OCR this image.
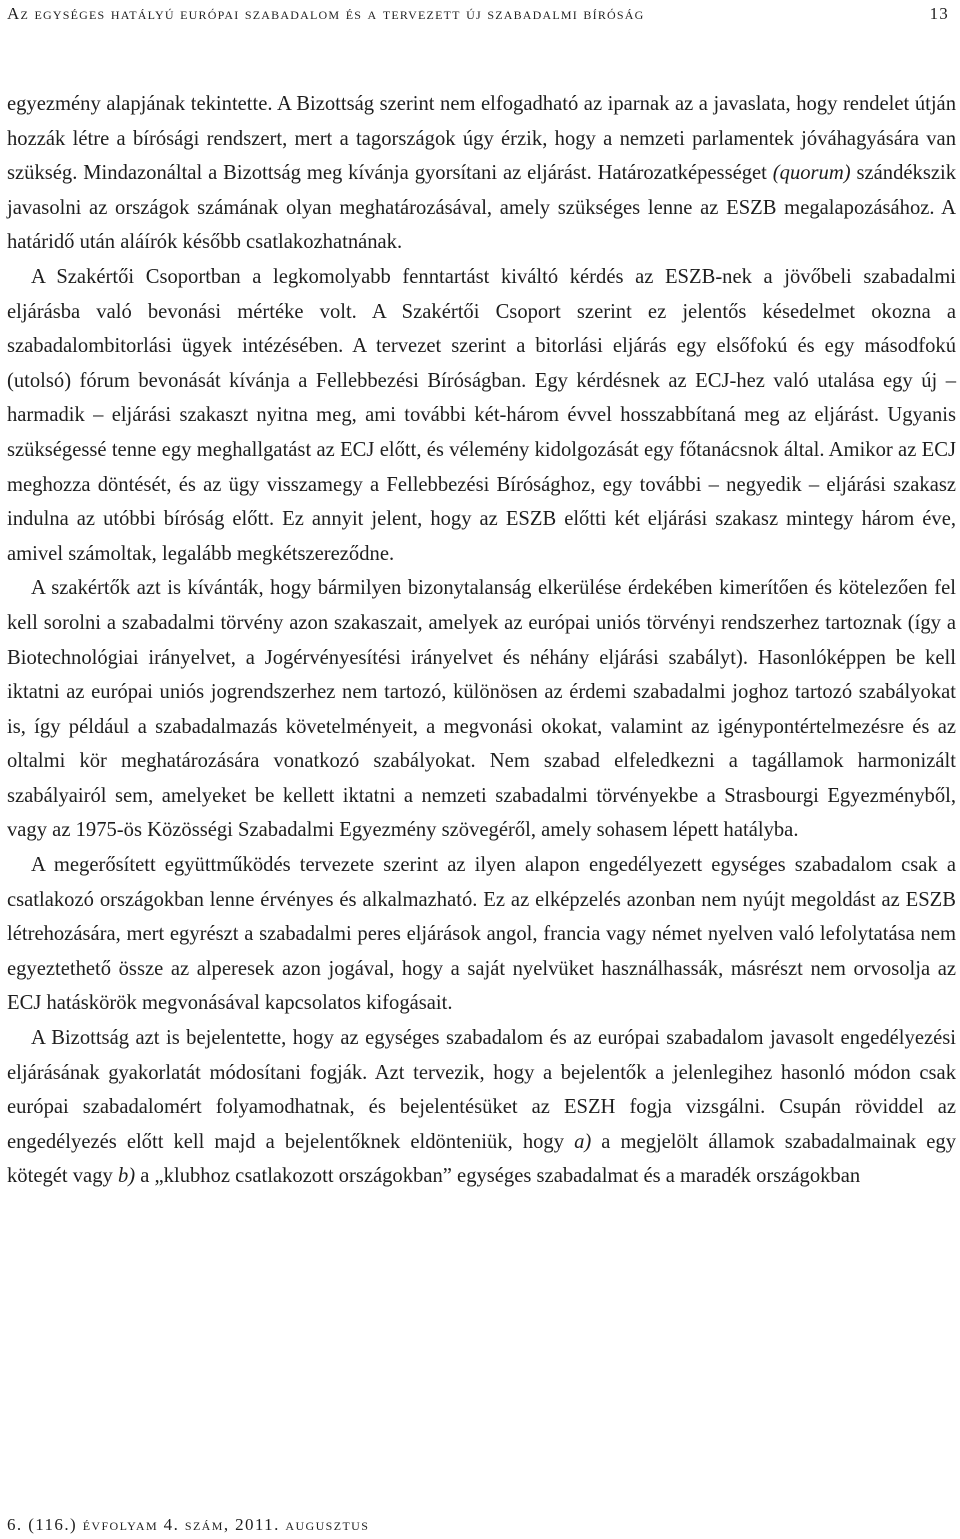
Az egységes hatályú európai szabadalom és a tervezett új szabadalmi bíróság	13

egyezmény alapjának tekintette. A Bizottság szerint nem elfogadható az iparnak az a javaslata, hogy rendelet útján hozzák létre a bírósági rendszert, mert a tagországok úgy érzik, hogy a nemzeti parlamentek jóváhagyására van szükség. Mindazonáltal a Bizottság meg kívánja gyorsítani az eljárást. Határozatképességet (quorum) szándékszik javasolni az országok számának olyan meghatározásával, amely szükséges lenne az ESZB megalapozásához. A határidő után aláírók később csatlakozhatnának.

A Szakértői Csoportban a legkomolyabb fenntartást kiváltó kérdés az ESZB-nek a jövőbeli szabadalmi eljárásba való bevonási mértéke volt. A Szakértői Csoport szerint ez jelentős késedelmet okozna a szabadalombitorlási ügyek intézésében. A tervezet szerint a bitorlási eljárás egy elsőfokú és egy másodfokú (utolsó) fórum bevonását kívánja a Fellebbezési Bíróságban. Egy kérdésnek az ECJ-hez való utalása egy új – harmadik – eljárási szakaszt nyitna meg, ami további két-három évvel hosszabbítaná meg az eljárást. Ugyanis szükségessé tenne egy meghallgatást az ECJ előtt, és vélemény kidolgozását egy főtanácsnok által. Amikor az ECJ meghozza döntését, és az ügy visszamegy a Fellebbezési Bírósághoz, egy további – negyedik – eljárási szakasz indulna az utóbbi bíróság előtt. Ez annyit jelent, hogy az ESZB előtti két eljárási szakasz mintegy három éve, amivel számoltak, legalább megkétszereződne.

A szakértők azt is kívánták, hogy bármilyen bizonytalanság elkerülése érdekében kimerítően és kötelezően fel kell sorolni a szabadalmi törvény azon szakaszait, amelyek az európai uniós törvényi rendszerhez tartoznak (így a Biotechnológiai irányelvet, a Jogérvényesítési irányelvet és néhány eljárási szabályt). Hasonlóképpen be kell iktatni az európai uniós jogrendszerhez nem tartozó, különösen az érdemi szabadalmi joghoz tartozó szabályokat is, így például a szabadalmazás követelményeit, a megvonási okokat, valamint az igénypontértelmezésre és az oltalmi kör meghatározására vonatkozó szabályokat. Nem szabad elfeledkezni a tagállamok harmonizált szabályairól sem, amelyeket be kellett iktatni a nemzeti szabadalmi törvényekbe a Strasbourgi Egyezményből, vagy az 1975-ös Közösségi Szabadalmi Egyezmény szövegéről, amely sohasem lépett hatályba.

A megerősített együttműködés tervezete szerint az ilyen alapon engedélyezett egységes szabadalom csak a csatlakozó országokban lenne érvényes és alkalmazható. Ez az elképzelés azonban nem nyújt megoldást az ESZB létrehozására, mert egyrészt a szabadalmi peres eljárások angol, francia vagy német nyelven való lefolytatása nem egyeztethető össze az alperesek azon jogával, hogy a saját nyelvüket használhassák, másrészt nem orvosolja az ECJ hatáskörök megvonásával kapcsolatos kifogásait.

A Bizottság azt is bejelentette, hogy az egységes szabadalom és az európai szabadalom javasolt engedélyezési eljárásának gyakorlatát módosítani fogják. Azt tervezik, hogy a bejelentők a jelenlegihez hasonló módon csak európai szabadalomért folyamodhatnak, és bejelentésüket az ESZH fogja vizsgálni. Csupán röviddel az engedélyezés előtt kell majd a bejelentőknek eldönteniük, hogy a) a megjelölt államok szabadalmainak egy kötegét vagy b) a „klubhoz csatlakozott országokban” egységes szabadalmat és a maradék országokban

6. (116.) évfolyam 4. szám, 2011. augusztus
